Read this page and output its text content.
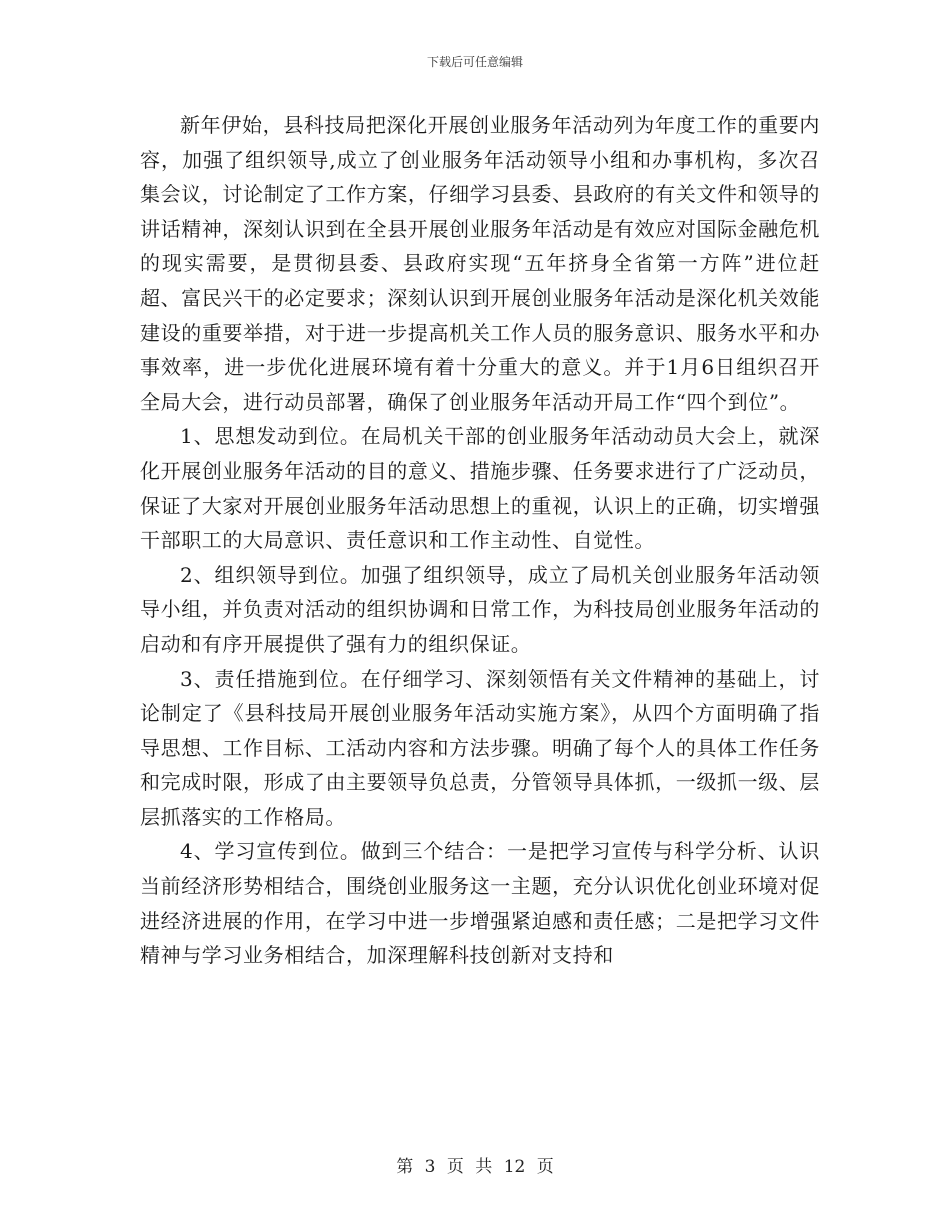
下载后可任意编辑

新年伊始，县科技局把深化开展创业服务年活动列为年度工作的重要内容，加强了组织领导,成立了创业服务年活动领导小组和办事机构，多次召集会议，讨论制定了工作方案，仔细学习县委、县政府的有关文件和领导的讲话精神，深刻认识到在全县开展创业服务年活动是有效应对国际金融危机的现实需要，是贯彻县委、县政府实现“五年挤身全省第一方阵”进位赶超、富民兴干的必定要求；深刻认识到开展创业服务年活动是深化机关效能建设的重要举措，对于进一步提高机关工作人员的服务意识、服务水平和办事效率，进一步优化进展环境有着十分重大的意义。并于1月6日组织召开全局大会，进行动员部署，确保了创业服务年活动开局工作“四个到位”。

1、思想发动到位。在局机关干部的创业服务年活动动员大会上，就深化开展创业服务年活动的目的意义、措施步骤、任务要求进行了广泛动员，保证了大家对开展创业服务年活动思想上的重视，认识上的正确，切实增强干部职工的大局意识、责任意识和工作主动性、自觉性。

2、组织领导到位。加强了组织领导，成立了局机关创业服务年活动领导小组，并负责对活动的组织协调和日常工作，为科技局创业服务年活动的启动和有序开展提供了强有力的组织保证。

3、责任措施到位。在仔细学习、深刻领悟有关文件精神的基础上，讨论制定了《县科技局开展创业服务年活动实施方案》，从四个方面明确了指导思想、工作目标、工活动内容和方法步骤。明确了每个人的具体工作任务和完成时限，形成了由主要领导负总责，分管领导具体抓，一级抓一级、层层抓落实的工作格局。

4、学习宣传到位。做到三个结合：一是把学习宣传与科学分析、认识当前经济形势相结合，围绕创业服务这一主题，充分认识优化创业环境对促进经济进展的作用，在学习中进一步增强紧迫感和责任感；二是把学习文件精神与学习业务相结合，加深理解科技创新对支持和

第 3 页 共 12 页
